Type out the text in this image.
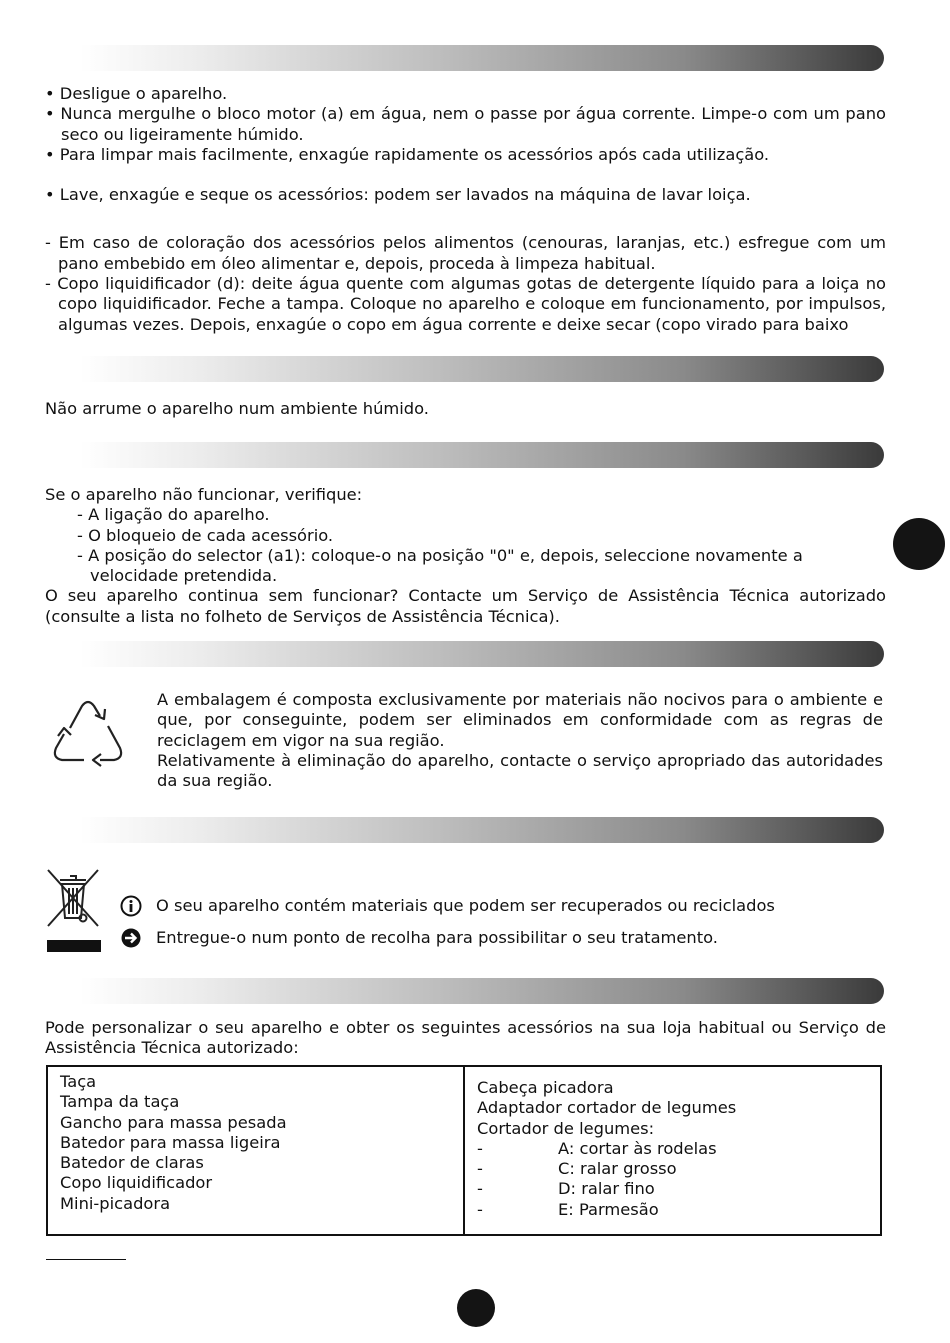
• Desligue o aparelho.

• Nunca mergulhe o bloco motor (a) em água, nem o passe por água corrente. Limpe-o com um pano seco ou ligeiramente húmido.

• Para limpar mais facilmente, enxagúe rapidamente os acessórios após cada utilização.

• Lave, enxagúe e seque os acessórios: podem ser lavados na máquina de lavar loiça.

- Em caso de coloração dos acessórios pelos alimentos (cenouras, laranjas, etc.) esfregue com um pano embebido em óleo alimentar e, depois, proceda à limpeza habitual.

- Copo liquidificador (d): deite água quente com algumas gotas de detergente líquido para a loiça no copo liquidificador. Feche a tampa. Coloque no aparelho e coloque em funcionamento, por impulsos, algumas vezes. Depois, enxagúe o copo em água corrente e deixe secar (copo virado para baixo

Não arrume o aparelho num ambiente húmido.

Se o aparelho não funcionar, verifique:

- A ligação do aparelho.

- O bloqueio de cada acessório.

- A posição do selector (a1): coloque-o na posição "0" e, depois, seleccione novamente a velocidade pretendida.

O seu aparelho continua sem funcionar? Contacte um Serviço de Assistência Técnica autorizado (consulte a lista no folheto de Serviços de Assistência Técnica).

A embalagem é composta exclusivamente por materiais não nocivos para o ambiente e que, por conseguinte, podem ser eliminados em conformidade com as regras de reciclagem em vigor na sua região.

Relativamente à eliminação do aparelho, contacte o serviço apropriado das autoridades da sua região.

O seu aparelho contém materiais que podem ser recuperados ou reciclados
Entregue-o num ponto de recolha para possibilitar o seu tratamento.
Pode personalizar o seu aparelho e obter os seguintes acessórios na sua loja habitual ou Serviço de Assistência Técnica autorizado:
Taça
Tampa da taça
Gancho para massa pesada
Batedor para massa ligeira
Batedor de claras
Copo liquidificador
Mini-picadora

Cabeça picadora
Adaptador cortador de legumes
Cortador de legumes:
-	A: cortar às rodelas
-	C: ralar grosso
-	D: ralar fino
-	E: Parmesão
